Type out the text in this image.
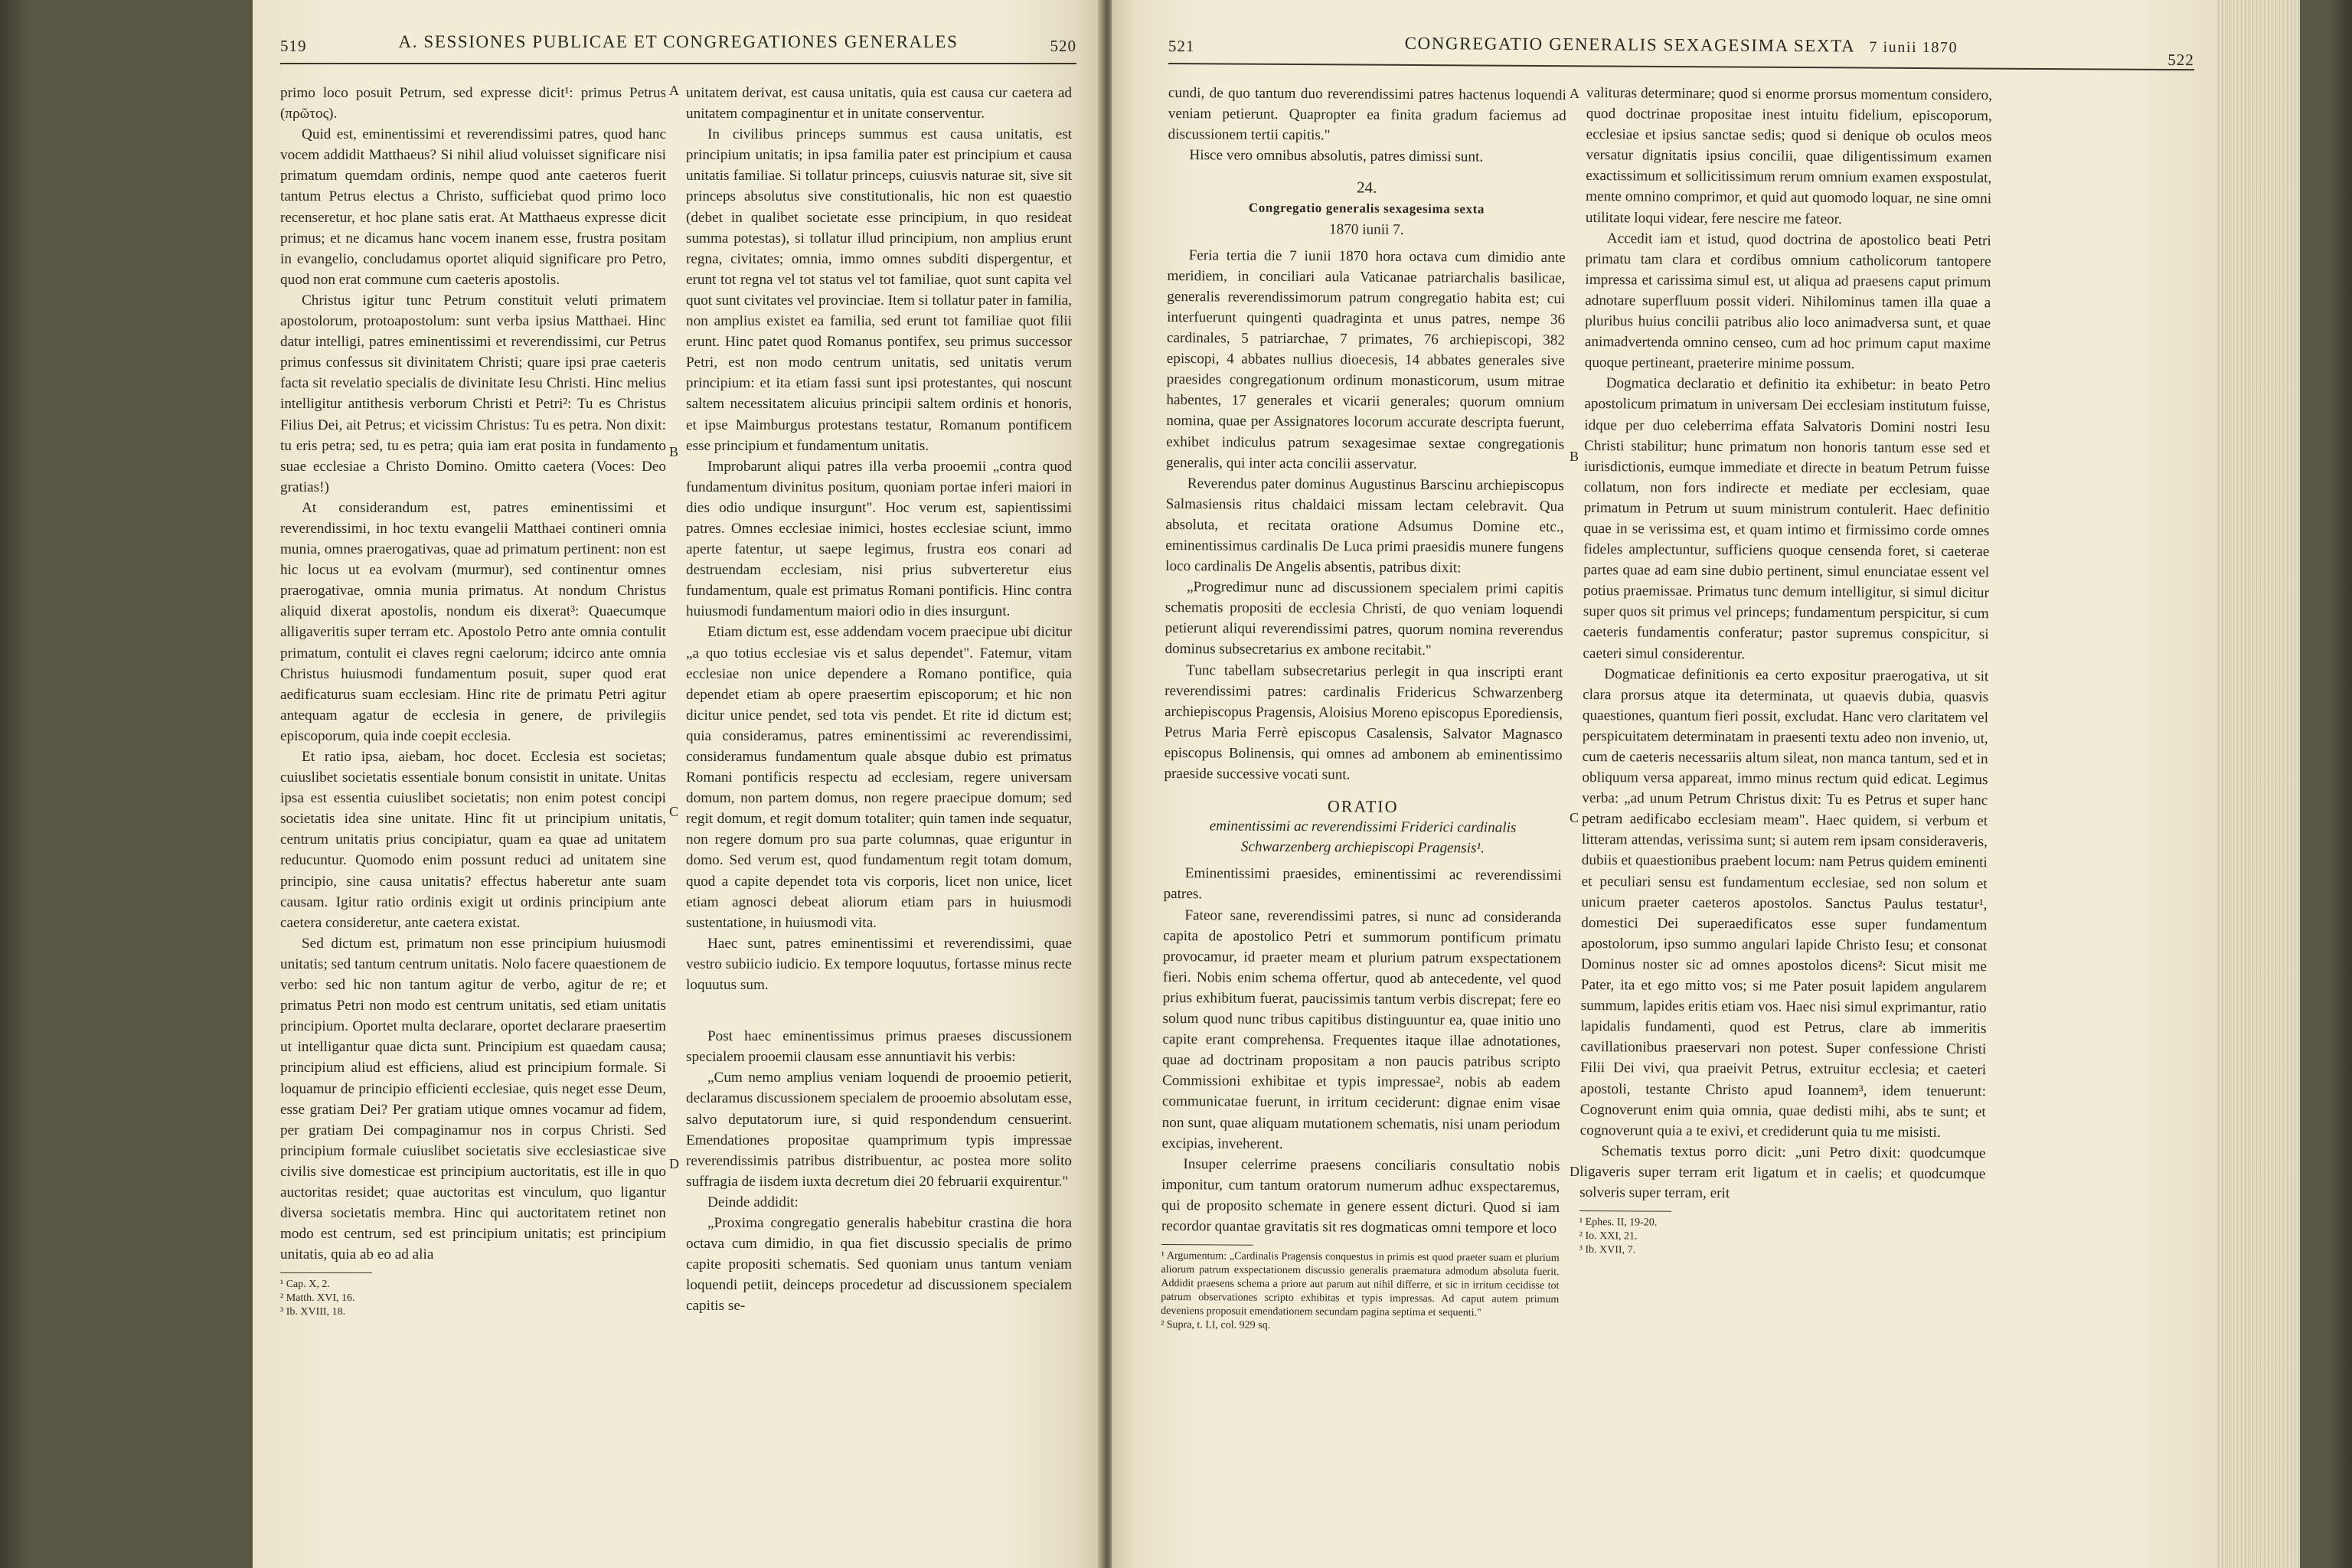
519	A. SESSIONES PUBLICAE ET CONGREGATIONES GENERALES	520

primo loco posuit Petrum, sed expresse dicit¹: primus Petrus (πρῶτος).

Quid est, eminentissimi et reverendissimi patres, quod hanc vocem addidit Matthaeus? Si nihil aliud voluisset significare nisi primatum quemdam ordinis, nempe quod ante caeteros fuerit tantum Petrus electus a Christo, sufficiebat quod primo loco recenseretur, et hoc plane satis erat. At Matthaeus expresse dicit primus; et ne dicamus hanc vocem inanem esse, frustra positam in evangelio, concludamus oportet aliquid significare pro Petro, quod non erat commune cum caeteris apostolis.

Christus igitur tunc Petrum constituit veluti primatem apostolorum, protoapostolum: sunt verba ipsius Matthaei. Hinc datur intelligi, patres eminentissimi et reverendissimi, cur Petrus primus confessus sit divinitatem Christi; quare ipsi prae caeteris facta sit revelatio specialis de divinitate Iesu Christi. Hinc melius intelligitur antithesis verborum Christi et Petri²: Tu es Christus Filius Dei, ait Petrus; et vicissim Christus: Tu es petra. Non dixit: tu eris petra; sed, tu es petra; quia iam erat posita in fundamento suae ecclesiae a Christo Domino. Omitto caetera (Voces: Deo gratias!)

At considerandum est, patres eminentissimi et reverendissimi, in hoc textu evangelii Matthaei contineri omnia munia, omnes praerogativas, quae ad primatum pertinent: non est hic locus ut ea evolvam (murmur), sed continentur omnes praerogativae, omnia munia primatus. At nondum Christus aliquid dixerat apostolis, nondum eis dixerat³: Quaecumque alligaveritis super terram etc. Apostolo Petro ante omnia contulit primatum, contulit ei claves regni caelorum; idcirco ante omnia Christus huiusmodi fundamentum posuit, super quod erat aedificaturus suam ecclesiam. Hinc rite de primatu Petri agitur antequam agatur de ecclesia in genere, de privilegiis episcoporum, quia inde coepit ecclesia.

Et ratio ipsa, aiebam, hoc docet. Ecclesia est societas; cuiuslibet societatis essentiale bonum consistit in unitate. Unitas ipsa est essentia cuiuslibet societatis; non enim potest concipi societatis idea sine unitate. Hinc fit ut principium unitatis, centrum unitatis prius concipiatur, quam ea quae ad unitatem reducuntur. Quomodo enim possunt reduci ad unitatem sine principio, sine causa unitatis? effectus haberetur ante suam causam. Igitur ratio ordinis exigit ut ordinis principium ante caetera consideretur, ante caetera existat.

Sed dictum est, primatum non esse principium huiusmodi unitatis; sed tantum centrum unitatis. Nolo facere quaestionem de verbo: sed hic non tantum agitur de verbo, agitur de re; et primatus Petri non modo est centrum unitatis, sed etiam unitatis principium. Oportet multa declarare, oportet declarare praesertim ut intelligantur quae dicta sunt. Principium est quaedam causa; principium aliud est efficiens, aliud est principium formale. Si loquamur de principio efficienti ecclesiae, quis neget esse Deum, esse gratiam Dei? Per gratiam utique omnes vocamur ad fidem, per gratiam Dei compaginamur nos in corpus Christi. Sed principium formale cuiuslibet societatis sive ecclesiasticae sive civilis sive domesticae est principium auctoritatis, est ille in quo auctoritas residet; quae auctoritas est vinculum, quo ligantur diversa societatis membra. Hinc qui auctoritatem retinet non modo est centrum, sed est principium unitatis; est principium unitatis, quia ab eo ad alia

¹ Cap. X, 2.

² Matth. XVI, 16.

³ Ib. XVIII, 18.

A
B
C
D

unitatem derivat, est causa unitatis, quia est causa cur caetera ad unitatem compaginentur et in unitate conserventur.

In civilibus princeps summus est causa unitatis, est principium unitatis; in ipsa familia pater est principium et causa unitatis familiae. Si tollatur princeps, cuiusvis naturae sit, sive sit princeps absolutus sive constitutionalis, hic non est quaestio (debet in qualibet societate esse principium, in quo resideat summa potestas), si tollatur illud principium, non amplius erunt regna, civitates; omnia, immo omnes subditi dispergentur, et erunt tot regna vel tot status vel tot familiae, quot sunt capita vel quot sunt civitates vel provinciae. Item si tollatur pater in familia, non amplius existet ea familia, sed erunt tot familiae quot filii erunt. Hinc patet quod Romanus pontifex, seu primus successor Petri, est non modo centrum unitatis, sed unitatis verum principium: et ita etiam fassi sunt ipsi protestantes, qui noscunt saltem necessitatem alicuius principii saltem ordinis et honoris, et ipse Maimburgus protestans testatur, Romanum pontificem esse principium et fundamentum unitatis.

Improbarunt aliqui patres illa verba prooemii „contra quod fundamentum divinitus positum, quoniam portae inferi maiori in dies odio undique insurgunt". Hoc verum est, sapientissimi patres. Omnes ecclesiae inimici, hostes ecclesiae sciunt, immo aperte fatentur, ut saepe legimus, frustra eos conari ad destruendam ecclesiam, nisi prius subverteretur eius fundamentum, quale est primatus Romani pontificis. Hinc contra huiusmodi fundamentum maiori odio in dies insurgunt.

Etiam dictum est, esse addendam vocem praecipue ubi dicitur „a quo totius ecclesiae vis et salus dependet". Fatemur, vitam ecclesiae non unice dependere a Romano pontifice, quia dependet etiam ab opere praesertim episcoporum; et hic non dicitur unice pendet, sed tota vis pendet. Et rite id dictum est; quia consideramus, patres eminentissimi ac reverendissimi, consideramus fundamentum quale absque dubio est primatus Romani pontificis respectu ad ecclesiam, regere universam domum, non partem domus, non regere praecipue domum; sed regit domum, et regit domum totaliter; quin tamen inde sequatur, non regere domum pro sua parte columnas, quae eriguntur in domo. Sed verum est, quod fundamentum regit totam domum, quod a capite dependet tota vis corporis, licet non unice, licet etiam agnosci debeat aliorum etiam pars in huiusmodi sustentatione, in huiusmodi vita.

Haec sunt, patres eminentissimi et reverendissimi, quae vestro subiicio iudicio. Ex tempore loquutus, fortasse minus recte loquutus sum.

Post haec eminentissimus primus praeses discussionem specialem prooemii clausam esse annuntiavit his verbis:

„Cum nemo amplius veniam loquendi de prooemio petierit, declaramus discussionem specialem de prooemio absolutam esse, salvo deputatorum iure, si quid respondendum censuerint. Emendationes propositae quamprimum typis impressae reverendissimis patribus distribuentur, ac postea more solito suffragia de iisdem iuxta decretum diei 20 februarii exquirentur."

Deinde addidit:

„Proxima congregatio generalis habebitur crastina die hora octava cum dimidio, in qua fiet discussio specialis de primo capite propositi schematis. Sed quoniam unus tantum veniam loquendi petiit, deinceps procedetur ad discussionem specialem capitis se-

521	CONGREGATIO GENERALIS SEXAGESIMA SEXTA 7 iunii 1870
522

cundi, de quo tantum duo reverendissimi patres hactenus loquendi veniam petierunt. Quapropter ea finita gradum faciemus ad discussionem tertii capitis."

Hisce vero omnibus absolutis, patres dimissi sunt.

24.

Congregatio generalis sexagesima sexta

1870 iunii 7.

Feria tertia die 7 iunii 1870 hora octava cum dimidio ante meridiem, in conciliari aula Vaticanae patriarchalis basilicae, generalis reverendissimorum patrum congregatio habita est; cui interfuerunt quingenti quadraginta et unus patres, nempe 36 cardinales, 5 patriarchae, 7 primates, 76 archiepiscopi, 382 episcopi, 4 abbates nullius dioecesis, 14 abbates generales sive praesides congregationum ordinum monasticorum, usum mitrae habentes, 17 generales et vicarii generales; quorum omnium nomina, quae per Assignatores locorum accurate descripta fuerunt, exhibet indiculus patrum sexagesimae sextae congregationis generalis, qui inter acta concilii asservatur.

Reverendus pater dominus Augustinus Barscinu archiepiscopus Salmasiensis ritus chaldaici missam lectam celebravit. Qua absoluta, et recitata oratione Adsumus Domine etc., eminentissimus cardinalis De Luca primi praesidis munere fungens loco cardinalis De Angelis absentis, patribus dixit:

„Progredimur nunc ad discussionem specialem primi capitis schematis propositi de ecclesia Christi, de quo veniam loquendi petierunt aliqui reverendissimi patres, quorum nomina reverendus dominus subsecretarius ex ambone recitabit."

Tunc tabellam subsecretarius perlegit in qua inscripti erant reverendissimi patres: cardinalis Fridericus Schwarzenberg archiepiscopus Pragensis, Aloisius Moreno episcopus Eporediensis, Petrus Maria Ferrè episcopus Casalensis, Salvator Magnasco episcopus Bolinensis, qui omnes ad ambonem ab eminentissimo praeside successive vocati sunt.

ORATIO

eminentissimi ac reverendissimi Friderici cardinalis Schwarzenberg archiepiscopi Pragensis¹.

Eminentissimi praesides, eminentissimi ac reverendissimi patres.

Fateor sane, reverendissimi patres, si nunc ad consideranda capita de apostolico Petri et summorum pontificum primatu provocamur, id praeter meam et plurium patrum exspectationem fieri. Nobis enim schema offertur, quod ab antecedente, vel quod prius exhibitum fuerat, paucissimis tantum verbis discrepat; fere eo solum quod nunc tribus capitibus distinguuntur ea, quae initio uno capite erant comprehensa. Frequentes itaque illae adnotationes, quae ad doctrinam propositam a non paucis patribus scripto Commissioni exhibitae et typis impressae², nobis ab eadem communicatae fuerunt, in irritum ceciderunt: dignae enim visae non sunt, quae aliquam mutationem schematis, nisi unam periodum excipias, inveherent.

Insuper celerrime praesens conciliaris consultatio nobis imponitur, cum tantum oratorum numerum adhuc exspectaremus, qui de proposito schemate in genere essent dicturi. Quod si iam recordor quantae gravitatis sit res dogmaticas omni tempore et loco

¹ Argumentum: „Cardinalis Pragensis conquestus in primis est quod praeter suam et plurium aliorum patrum exspectationem discussio generalis praematura admodum absoluta fuerit. Addidit praesens schema a priore aut parum aut nihil differre, et sic in irritum cecidisse tot patrum observationes scripto exhibitas et typis impressas. Ad caput autem primum deveniens proposuit emendationem secundam pagina septima et sequenti."

² Supra, t. LI, col. 929 sq.

A
B
C
D

valituras determinare; quod si enorme prorsus momentum considero, quod doctrinae propositae inest intuitu fidelium, episcoporum, ecclesiae et ipsius sanctae sedis; quod si denique ob oculos meos versatur dignitatis ipsius concilii, quae diligentissimum examen exactissimum et sollicitissimum rerum omnium examen exspostulat, mente omnino comprimor, et quid aut quomodo loquar, ne sine omni utilitate loqui videar, fere nescire me fateor.

Accedit iam et istud, quod doctrina de apostolico beati Petri primatu tam clara et cordibus omnium catholicorum tantopere impressa et carissima simul est, ut aliqua ad praesens caput primum adnotare superfluum possit videri. Nihilominus tamen illa quae a pluribus huius concilii patribus alio loco animadversa sunt, et quae animadvertenda omnino censeo, cum ad hoc primum caput maxime quoque pertineant, praeterire minime possum.

Dogmatica declaratio et definitio ita exhibetur: in beato Petro apostolicum primatum in universam Dei ecclesiam institutum fuisse, idque per duo celeberrima effata Salvatoris Domini nostri Iesu Christi stabilitur; hunc primatum non honoris tantum esse sed et iurisdictionis, eumque immediate et directe in beatum Petrum fuisse collatum, non fors indirecte et mediate per ecclesiam, quae primatum in Petrum ut suum ministrum contulerit. Haec definitio quae in se verissima est, et quam intimo et firmissimo corde omnes fideles amplectuntur, sufficiens quoque censenda foret, si caeterae partes quae ad eam sine dubio pertinent, simul enunciatae essent vel potius praemissae. Primatus tunc demum intelligitur, si simul dicitur super quos sit primus vel princeps; fundamentum perspicitur, si cum caeteris fundamentis conferatur; pastor supremus conspicitur, si caeteri simul considerentur.

Dogmaticae definitionis ea certo expositur praerogativa, ut sit clara prorsus atque ita determinata, ut quaevis dubia, quasvis quaestiones, quantum fieri possit, excludat. Hanc vero claritatem vel perspicuitatem determinatam in praesenti textu adeo non invenio, ut, cum de caeteris necessariis altum sileat, non manca tantum, sed et in obliquum versa appareat, immo minus rectum quid edicat. Legimus verba: „ad unum Petrum Christus dixit: Tu es Petrus et super hanc petram aedificabo ecclesiam meam". Haec quidem, si verbum et litteram attendas, verissima sunt; si autem rem ipsam consideraveris, dubiis et quaestionibus praebent locum: nam Petrus quidem eminenti et peculiari sensu est fundamentum ecclesiae, sed non solum et unicum praeter caeteros apostolos. Sanctus Paulus testatur¹, domestici Dei superaedificatos esse super fundamentum apostolorum, ipso summo angulari lapide Christo Iesu; et consonat Dominus noster sic ad omnes apostolos dicens²: Sicut misit me Pater, ita et ego mitto vos; si me Pater posuit lapidem angularem summum, lapides eritis etiam vos. Haec nisi simul exprimantur, ratio lapidalis fundamenti, quod est Petrus, clare ab immeritis cavillationibus praeservari non potest. Super confessione Christi Filii Dei vivi, qua praeivit Petrus, extruitur ecclesia; et caeteri apostoli, testante Christo apud Ioannem³, idem tenuerunt: Cognoverunt enim quia omnia, quae dedisti mihi, abs te sunt; et cognoverunt quia a te exivi, et crediderunt quia tu me misisti.

Schematis textus porro dicit: „uni Petro dixit: quodcumque ligaveris super terram erit ligatum et in caelis; et quodcumque solveris super terram, erit

¹ Ephes. II, 19-20.

² Io. XXI, 21.

³ Ib. XVII, 7.
